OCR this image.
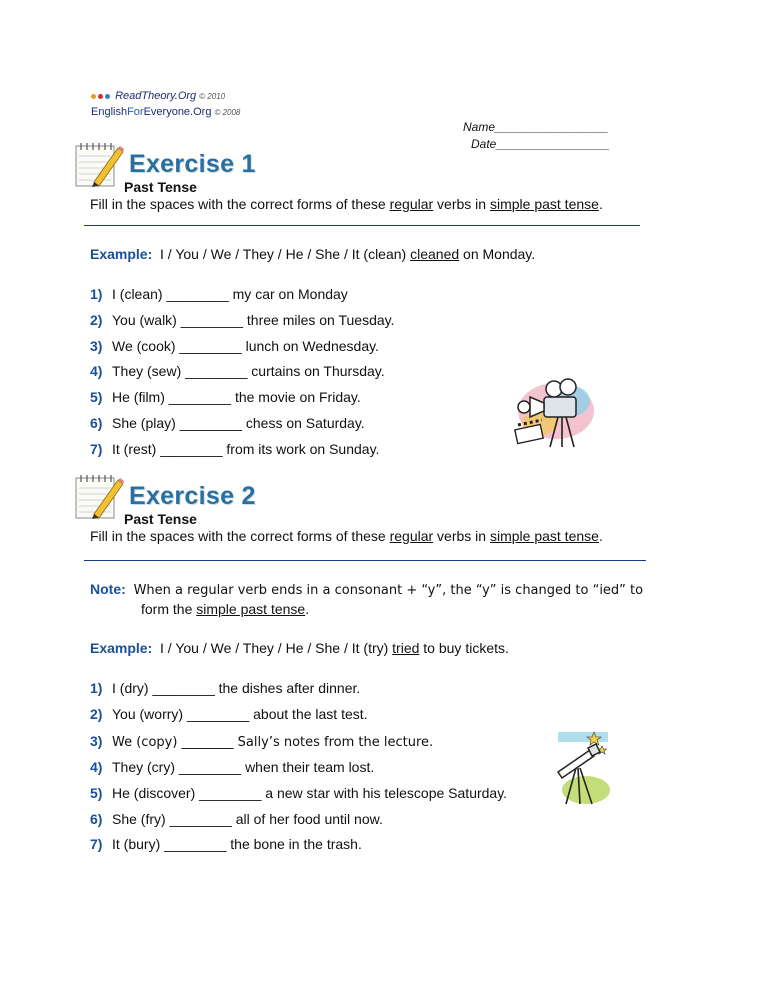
ReadTheory.Org © 2010
EnglishForEveryone.Org © 2008
Name_________________
Date_________________
Exercise 1
Past Tense
Fill in the spaces with the correct forms of these regular verbs in simple past tense.
Example: I / You / We / They / He / She / It (clean) cleaned on Monday.
1) I (clean) ________ my car on Monday
2) You (walk) ________ three miles on Tuesday.
3) We (cook) ________ lunch on Wednesday.
4) They (sew) ________ curtains on Thursday.
5) He (film) ________ the movie on Friday.
6) She (play) ________ chess on Saturday.
7) It (rest) ________ from its work on Sunday.
Exercise 2
Past Tense
Fill in the spaces with the correct forms of these regular verbs in simple past tense.
Note: When a regular verb ends in a consonant + “y”, the “y” is changed to “ied” to
form the simple past tense.
Example: I / You / We / They / He / She / It (try) tried to buy tickets.
1) I (dry) ________ the dishes after dinner.
2) You (worry) ________ about the last test.
3) We (copy) ________ Sally’s notes from the lecture.
4) They (cry) ________ when their team lost.
5) He (discover) ________ a new star with his telescope Saturday.
6) She (fry) ________ all of her food until now.
7) It (bury) ________ the bone in the trash.
